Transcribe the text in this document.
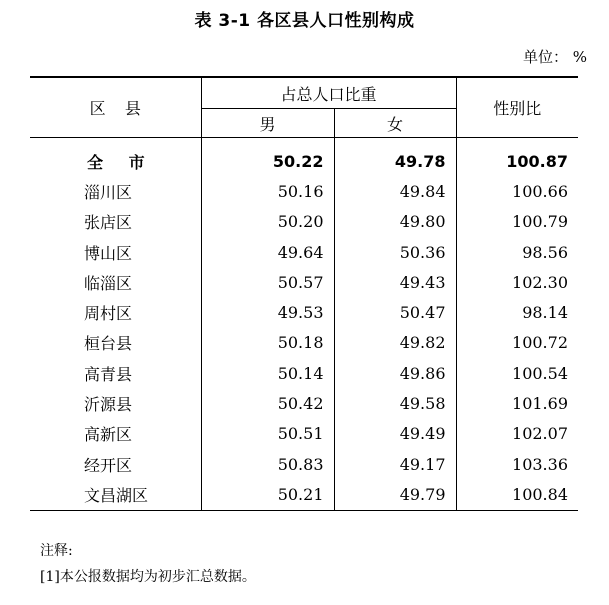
表 3-1 各区县人口性别构成
单位： %
区县	占总人口比重		性别比
	男	女	
全市	50.22	49.78	100.87
淄川区	50.16	49.84	100.66
张店区	50.20	49.80	100.79
博山区	49.64	50.36	98.56
临淄区	50.57	49.43	102.30
周村区	49.53	50.47	98.14
桓台县	50.18	49.82	100.72
高青县	50.14	49.86	100.54
沂源县	50.42	49.58	101.69
高新区	50.51	49.49	102.07
经开区	50.83	49.17	103.36
文昌湖区	50.21	49.79	100.84
注释:
[1]本公报数据均为初步汇总数据。
